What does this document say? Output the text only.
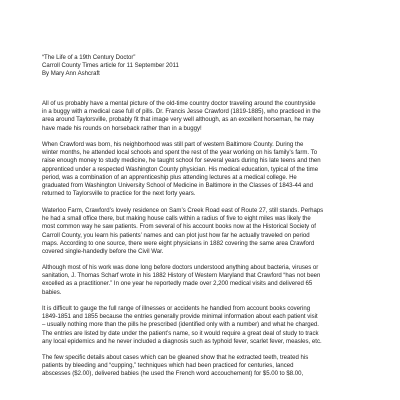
“The Life of a 19th Century Doctor”

Carroll County Times article for 11 September 2011

By Mary Ann Ashcraft

All of us probably have a mental picture of the old-time country doctor traveling around the countryside
in a buggy with a medical case full of pills. Dr. Francis Jesse Crawford (1819-1885), who practiced in the
area around Taylorsville, probably fit that image very well although, as an excellent horseman, he may
have made his rounds on horseback rather than in a buggy!
When Crawford was born, his neighborhood was still part of western Baltimore County. During the
winter months, he attended local schools and spent the rest of the year working on his family’s farm. To
raise enough money to study medicine, he taught school for several years during his late teens and then
apprenticed under a respected Washington County physician. His medical education, typical of the time
period, was a combination of an apprenticeship plus attending lectures at a medical college. He
graduated from Washington University School of Medicine in Baltimore in the Classes of 1843-44 and
returned to Taylorsville to practice for the next forty years.
Waterloo Farm, Crawford’s lovely residence on Sam’s Creek Road east of Route 27, still stands. Perhaps
he had a small office there, but making house calls within a radius of five to eight miles was likely the
most common way he saw patients. From several of his account books now at the Historical Society of
Carroll County, you learn his patients’ names and can plot just how far he actually traveled on period
maps. According to one source, there were eight physicians in 1882 covering the same area Crawford
covered single-handedly before the Civil War.
Although most of his work was done long before doctors understood anything about bacteria, viruses or
sanitation, J. Thomas Scharf wrote in his 1882 History of Western Maryland that Crawford “has not been
excelled as a practitioner.” In one year he reportedly made over 2,200 medical visits and delivered 65
babies.
It is difficult to gauge the full range of illnesses or accidents he handled from account books covering
1849-1851 and 1855 because the entries generally provide minimal information about each patient visit
– usually nothing more than the pills he prescribed (identified only with a number) and what he charged.
The entries are listed by date under the patient’s name, so it would require a great deal of study to track
any local epidemics and he never included a diagnosis such as typhoid fever, scarlet fever, measles, etc.
The few specific details about cases which can be gleaned show that he extracted teeth, treated his
patients by bleeding and “cupping,” techniques which had been practiced for centuries, lanced
abscesses ($2.00), delivered babies (he used the French word accouchement) for $5.00 to $8.00,
